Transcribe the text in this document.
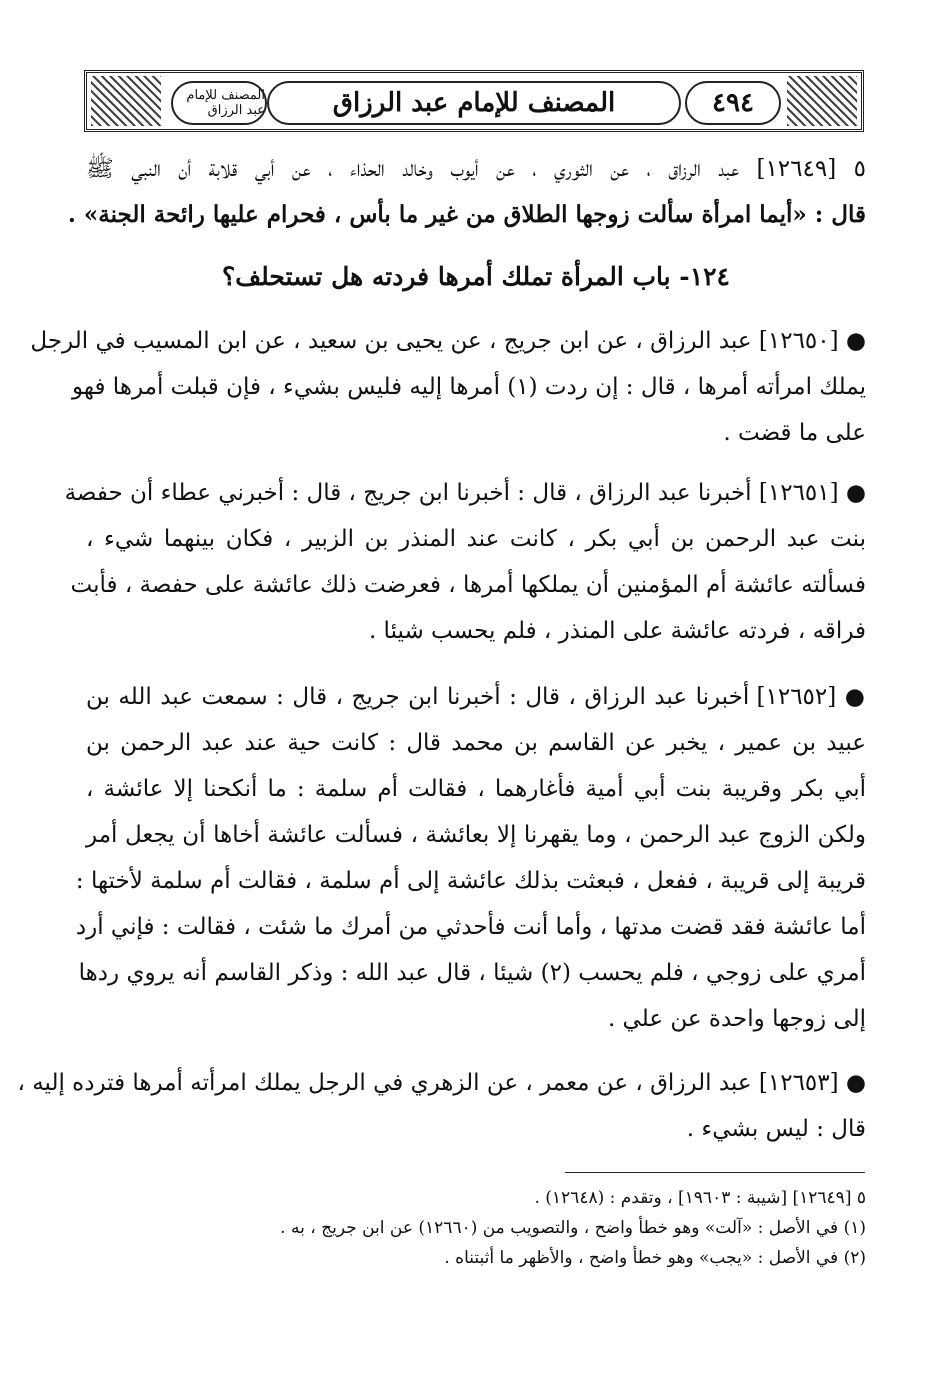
٤٩٤
المصنف للإمام عبد الرزاق
المصنف للإمام عبد الرزاق
٥ [١٢٦٤٩] عبد الرزاق ، عن الثوري ، عن أيوب وخالد الحذاء ، عن أبي قلابة أن النبي ﷺ
قال : «أيما امرأة سألت زوجها الطلاق من غير ما بأس ، فحرام عليها رائحة الجنة» .
١٢٤- باب المرأة تملك أمرها فردته هل تستحلف؟
● [١٢٦٥٠] عبد الرزاق ، عن ابن جريج ، عن يحيى بن سعيد ، عن ابن المسيب في الرجل
يملك امرأته أمرها ، قال : إن ردت (١) أمرها إليه فليس بشيء ، فإن قبلت أمرها فهو
على ما قضت .
● [١٢٦٥١] أخبرنا عبد الرزاق ، قال : أخبرنا ابن جريج ، قال : أخبرني عطاء أن حفصة
بنت عبد الرحمن بن أبي بكر ، كانت عند المنذر بن الزبير ، فكان بينهما شيء ،
فسألته عائشة أم المؤمنين أن يملكها أمرها ، فعرضت ذلك عائشة على حفصة ، فأبت
فراقه ، فردته عائشة على المنذر ، فلم يحسب شيئا .
● [١٢٦٥٢] أخبرنا عبد الرزاق ، قال : أخبرنا ابن جريج ، قال : سمعت عبد الله بن
عبيد بن عمير ، يخبر عن القاسم بن محمد قال : كانت حية عند عبد الرحمن بن
أبي بكر وقريبة بنت أبي أمية فأغارهما ، فقالت أم سلمة : ما أنكحنا إلا عائشة ،
ولكن الزوج عبد الرحمن ، وما يقهرنا إلا بعائشة ، فسألت عائشة أخاها أن يجعل أمر
قريبة إلى قريبة ، ففعل ، فبعثت بذلك عائشة إلى أم سلمة ، فقالت أم سلمة لأختها :
أما عائشة فقد قضت مدتها ، وأما أنت فأحدثي من أمرك ما شئت ، فقالت : فإني أرد
أمري على زوجي ، فلم يحسب (٢) شيئا ، قال عبد الله : وذكر القاسم أنه يروي ردها
إلى زوجها واحدة عن علي .
● [١٢٦٥٣] عبد الرزاق ، عن معمر ، عن الزهري في الرجل يملك امرأته أمرها فترده إليه ،
قال : ليس بشيء .
٥ [١٢٦٤٩] [شيبة : ١٩٦٠٣] ، وتقدم : (١٢٦٤٨) .
(١) في الأصل : «آلت» وهو خطأ واضح ، والتصويب من (١٢٦٦٠) عن ابن جريج ، به .
(٢) في الأصل : «يجب» وهو خطأ واضح ، والأظهر ما أثبتناه .
